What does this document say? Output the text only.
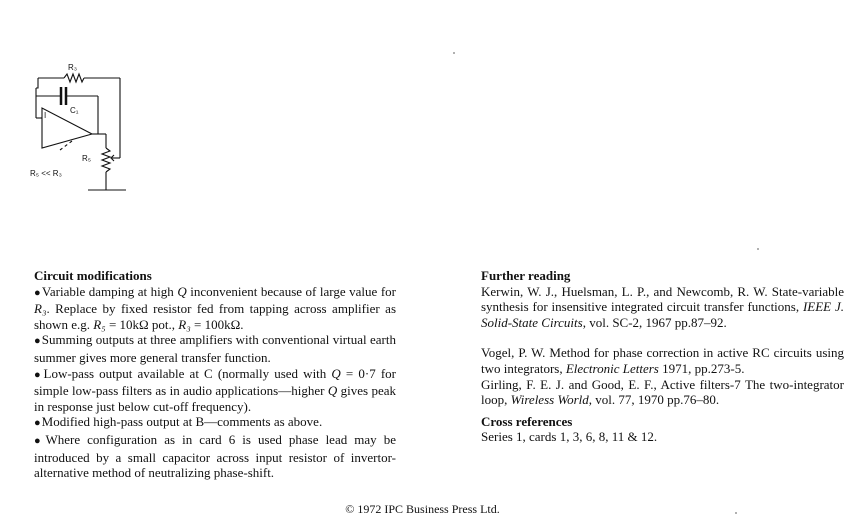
I
R₃
C₁
R₅
R₅ << R₃
Circuit modifications

● Variable damping at high Q inconvenient because of large value for R₃. Replace by fixed resistor fed from tapping across amplifier as shown e.g. R₅ = 10kΩ pot., R₃ = 100kΩ.

● Summing outputs at three amplifiers with conventional virtual earth summer gives more general transfer function.

● Low-pass output available at C (normally used with Q = 0·7 for simple low-pass filters as in audio applications—higher Q gives peak in response just below cut-off frequency).

● Modified high-pass output at B—comments as above.

● Where configuration as in card 6 is used phase lead may be introduced by a small capacitor across input resistor of invertor-alternative method of neutralizing phase-shift.

Further reading

Kerwin, W. J., Huelsman, L. P., and Newcomb, R. W. State-variable synthesis for insensitive integrated circuit transfer functions, IEEE J. Solid-State Circuits, vol. SC-2, 1967 pp.87–92.

Vogel, P. W. Method for phase correction in active RC circuits using two integrators, Electronic Letters 1971, pp.273-5.

Girling, F. E. J. and Good, E. F., Active filters-7 The two-integrator loop, Wireless World, vol. 77, 1970 pp.76–80.

Cross references

Series 1, cards 1, 3, 6, 8, 11 & 12.

© 1972 IPC Business Press Ltd.
